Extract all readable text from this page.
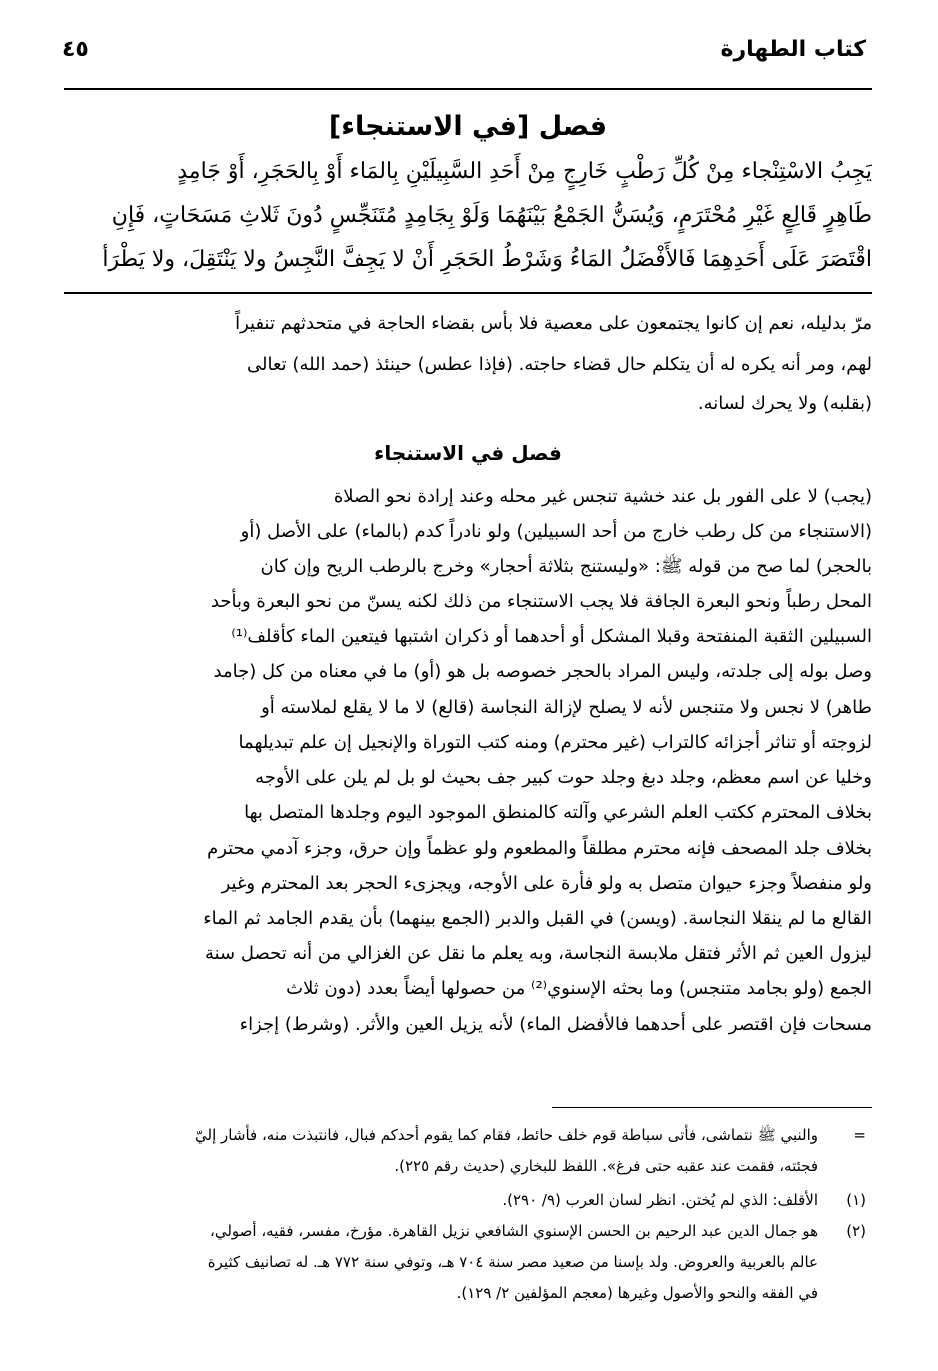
كتاب الطهارة
٤٥
فصل [في الاستنجاء]
يَجِبُ الاسْتِنْجاء مِنْ كُلِّ رَطْبٍ خَارِجٍ مِنْ أَحَدِ السَّبِيلَيْنِ بِالمَاء أَوْ بِالحَجَرِ، أَوْ جَامِدٍ
طَاهِرٍ قَالِعٍ غَيْرِ مُحْتَرَمٍ، وَيُسَنُّ الجَمْعُ بَيْنَهُمَا وَلَوْ بِجَامِدٍ مُتَنَجِّسٍ دُونَ ثَلاثِ مَسَحَاتٍ، فَإِنِ
اقْتَصَرَ عَلَى أَحَدِهِمَا فَالأَفْضَلُ المَاءُ وَشَرْطُ الحَجَرِ أَنْ لا يَجِفَّ النَّجِسُ ولا يَنْتَقِلَ، ولا يَطْرَأ
مرّ بدليله، نعم إن كانوا يجتمعون على معصية فلا بأس بقضاء الحاجة في متحدثهم تنفيراً
لهم، ومر أنه يكره له أن يتكلم حال قضاء حاجته. (فإذا عطس) حينئذ (حمد الله) تعالى
(بقلبه) ولا يحرك لسانه.
فصل في الاستنجاء
(يجب) لا على الفور بل عند خشية تنجس غير محله وعند إرادة نحو الصلاة
(الاستنجاء من كل رطب خارج من أحد السبيلين) ولو نادراً كدم (بالماء) على الأصل (أو
بالحجر) لما صح من قوله ﷺ: «وليستنج بثلاثة أحجار» وخرج بالرطب الريح وإن كان
المحل رطباً ونحو البعرة الجافة فلا يجب الاستنجاء من ذلك لكنه يسنّ من نحو البعرة وبأحد
السبيلين الثقبة المنفتحة وقبلا المشكل أو أحدهما أو ذكران اشتبها فيتعين الماء كأقلف⁽¹⁾
وصل بوله إلى جلدته، وليس المراد بالحجر خصوصه بل هو (أو) ما في معناه من كل (جامد
طاهر) لا نجس ولا متنجس لأنه لا يصلح لإزالة النجاسة (قالع) لا ما لا يقلع لملاسته أو
لزوجته أو تناثر أجزائه كالتراب (غير محترم) ومنه كتب التوراة والإنجيل إن علم تبديلهما
وخليا عن اسم معظم، وجلد دبغ وجلد حوت كبير جف بحيث لو بل لم يلن على الأوجه
بخلاف المحترم ككتب العلم الشرعي وآلته كالمنطق الموجود اليوم وجلدها المتصل بها
بخلاف جلد المصحف فإنه محترم مطلقاً والمطعوم ولو عظماً وإن حرق، وجزء آدمي محترم
ولو منفصلاً وجزء حيوان متصل به ولو فأرة على الأوجه، ويجزىء الحجر بعد المحترم وغير
القالع ما لم ينقلا النجاسة. (ويسن) في القبل والدبر (الجمع بينهما) بأن يقدم الجامد ثم الماء
ليزول العين ثم الأثر فتقل ملابسة النجاسة، وبه يعلم ما نقل عن الغزالي من أنه تحصل سنة
الجمع (ولو بجامد متنجس) وما بحثه الإسنوي⁽²⁾ من حصولها أيضاً بعدد (دون ثلاث
مسحات فإن اقتصر على أحدهما فالأفضل الماء) لأنه يزيل العين والأثر. (وشرط) إجزاء
=
والنبي ﷺ نتماشى، فأتى سباطة قوم خلف حائط، فقام كما يقوم أحدكم فبال، فانتبذت منه، فأشار إليّ
فجئته، فقمت عند عقبه حتى فرغ». اللفظ للبخاري (حديث رقم ٢٢٥).
(١)
الأقلف: الذي لم يُختن. انظر لسان العرب (٩/ ٢٩٠).
(٢)
هو جمال الدين عبد الرحيم بن الحسن الإسنوي الشافعي نزيل القاهرة. مؤرخ، مفسر، فقيه، أصولي،
عالم بالعربية والعروض. ولد بإسنا من صعيد مصر سنة ٧٠٤ هـ، وتوفي سنة ٧٧٢ هـ. له تصانيف كثيرة
في الفقه والنحو والأصول وغيرها (معجم المؤلفين ٢/ ١٢٩).
